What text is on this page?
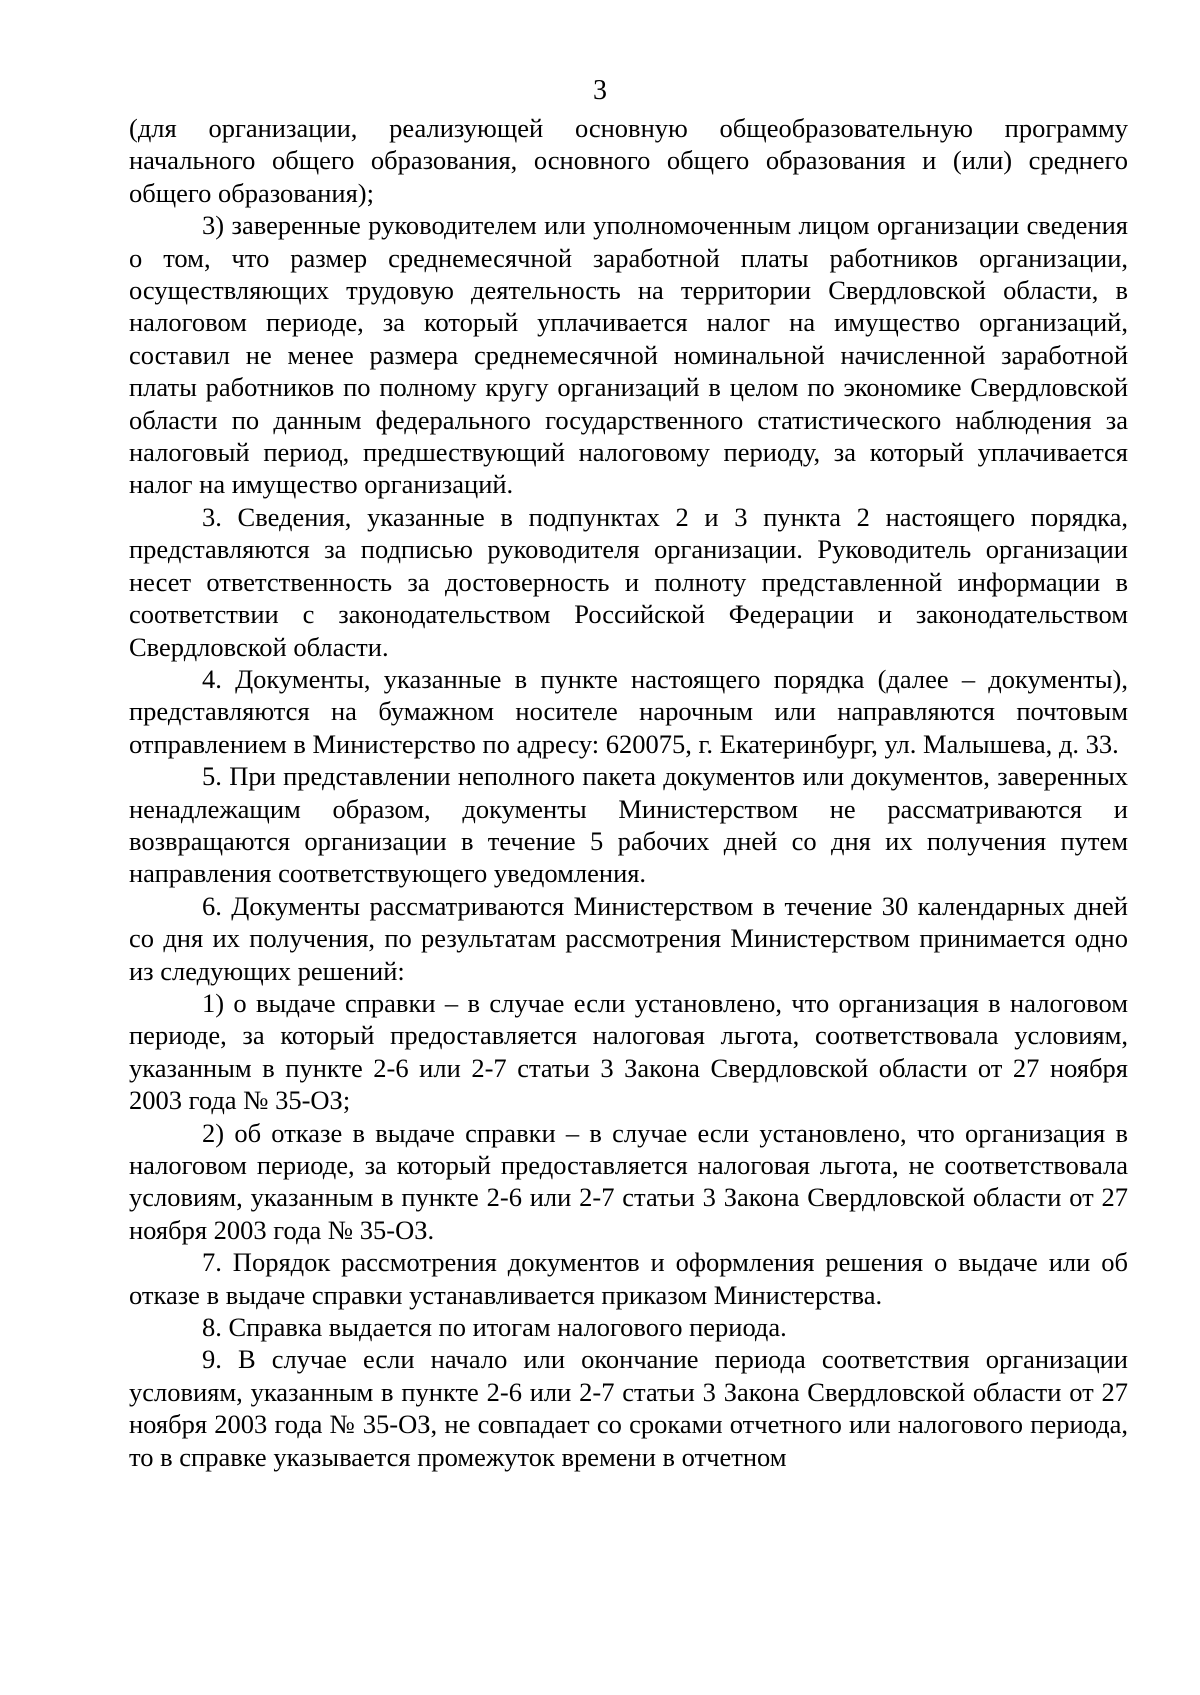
3

(для организации, реализующей основную общеобразовательную программу начального общего образования, основного общего образования и (или) среднего общего образования);

3) заверенные руководителем или уполномоченным лицом организации сведения о том, что размер среднемесячной заработной платы работников организации, осуществляющих трудовую деятельность на территории Свердловской области, в налоговом периоде, за который уплачивается налог на имущество организаций, составил не менее размера среднемесячной номинальной начисленной заработной платы работников по полному кругу организаций в целом по экономике Свердловской области по данным федерального государственного статистического наблюдения за налоговый период, предшествующий налоговому периоду, за который уплачивается налог на имущество организаций.

3. Сведения, указанные в подпунктах 2 и 3 пункта 2 настоящего порядка, представляются за подписью руководителя организации. Руководитель организации несет ответственность за достоверность и полноту представленной информации в соответствии с законодательством Российской Федерации и законодательством Свердловской области.

4. Документы, указанные в пункте настоящего порядка (далее – документы), представляются на бумажном носителе нарочным или направляются почтовым отправлением в Министерство по адресу: 620075, г. Екатеринбург, ул. Малышева, д. 33.

5. При представлении неполного пакета документов или документов, заверенных ненадлежащим образом, документы Министерством не рассматриваются и возвращаются организации в течение 5 рабочих дней со дня их получения путем направления соответствующего уведомления.

6. Документы рассматриваются Министерством в течение 30 календарных дней со дня их получения, по результатам рассмотрения Министерством принимается одно из следующих решений:

1) о выдаче справки – в случае если установлено, что организация в налоговом периоде, за который предоставляется налоговая льгота, соответствовала условиям, указанным в пункте 2-6 или 2-7 статьи 3 Закона Свердловской области от 27 ноября 2003 года № 35-ОЗ;

2) об отказе в выдаче справки – в случае если установлено, что организация в налоговом периоде, за который предоставляется налоговая льгота, не соответствовала условиям, указанным в пункте 2-6 или 2-7 статьи 3 Закона Свердловской области от 27 ноября 2003 года № 35-ОЗ.

7. Порядок рассмотрения документов и оформления решения о выдаче или об отказе в выдаче справки устанавливается приказом Министерства.

8. Справка выдается по итогам налогового периода.

9. В случае если начало или окончание периода соответствия организации условиям, указанным в пункте 2-6 или 2-7 статьи 3 Закона Свердловской области от 27 ноября 2003 года № 35-ОЗ, не совпадает со сроками отчетного или налогового периода, то в справке указывается промежуток времени в отчетном
